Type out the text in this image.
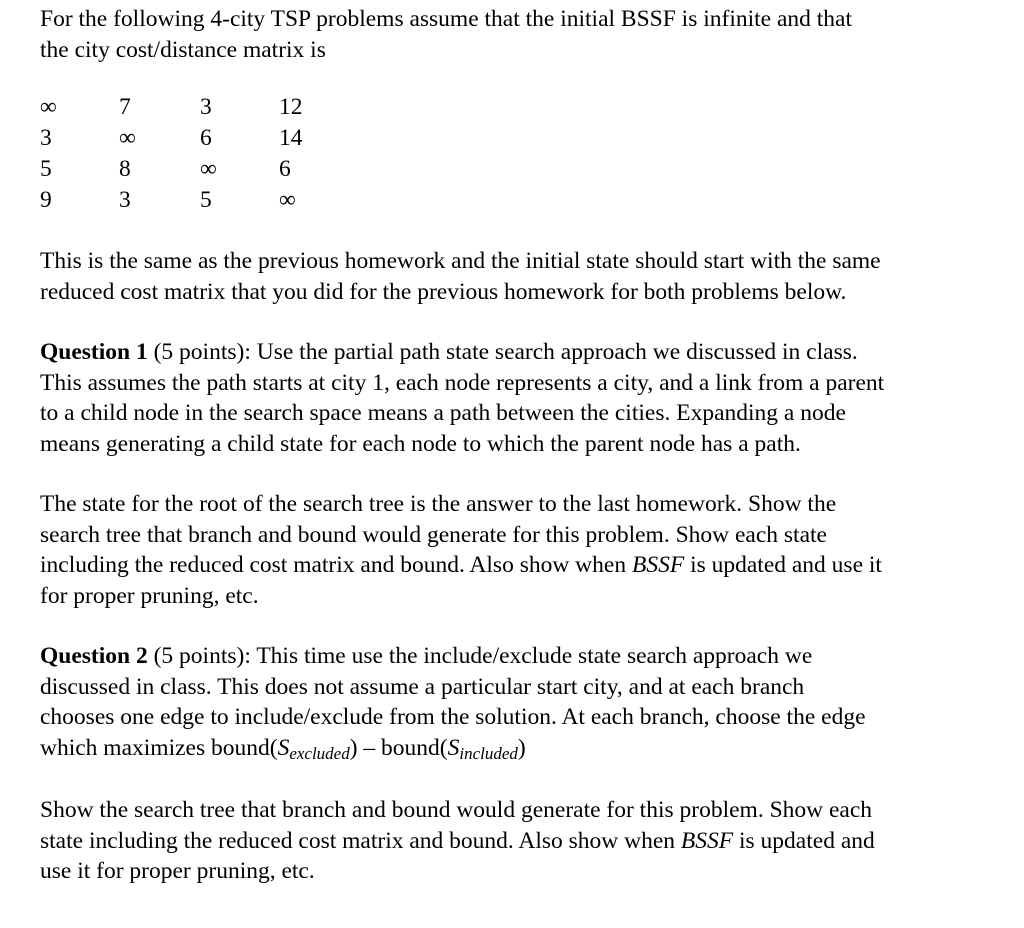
For the following 4-city TSP problems assume that the initial BSSF is infinite and that
the city cost/distance matrix is
∞	7	3	12
3	∞	6	14
5	8	∞	6
9	3	5	∞
This is the same as the previous homework and the initial state should start with the same
reduced cost matrix that you did for the previous homework for both problems below.
Question 1 (5 points): Use the partial path state search approach we discussed in class.
This assumes the path starts at city 1, each node represents a city, and a link from a parent
to a child node in the search space means a path between the cities. Expanding a node
means generating a child state for each node to which the parent node has a path.
The state for the root of the search tree is the answer to the last homework. Show the
search tree that branch and bound would generate for this problem. Show each state
including the reduced cost matrix and bound. Also show when BSSF is updated and use it
for proper pruning, etc.
Question 2 (5 points): This time use the include/exclude state search approach we
discussed in class. This does not assume a particular start city, and at each branch
chooses one edge to include/exclude from the solution. At each branch, choose the edge
which maximizes bound(Sexcluded) – bound(Sincluded)
Show the search tree that branch and bound would generate for this problem. Show each
state including the reduced cost matrix and bound. Also show when BSSF is updated and
use it for proper pruning, etc.
